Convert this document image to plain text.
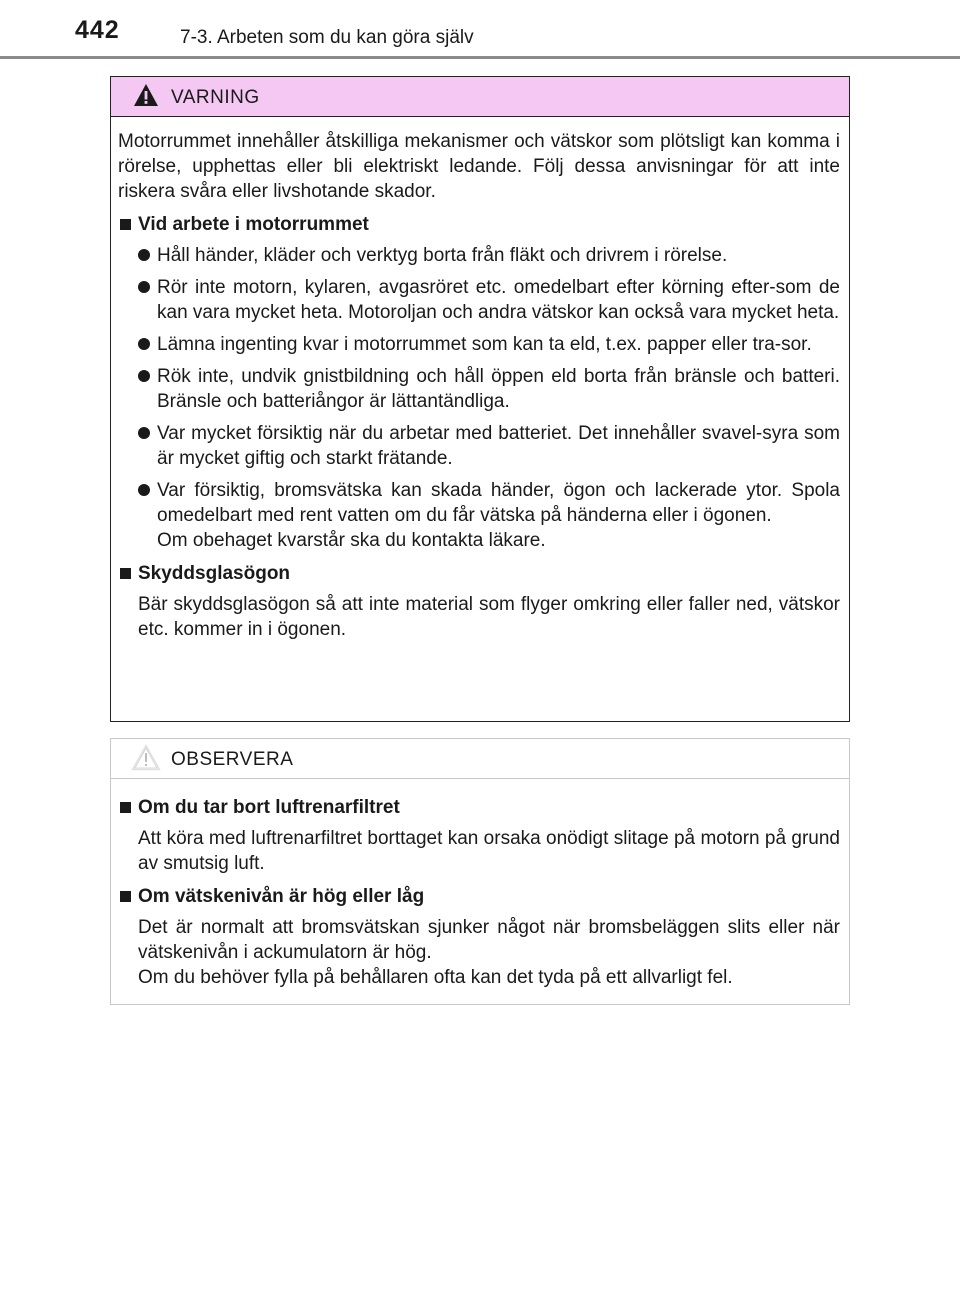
442	7-3. Arbeten som du kan göra själv
VARNING

Motorrummet innehåller åtskilliga mekanismer och vätskor som plötsligt kan komma i rörelse, upphettas eller bli elektriskt ledande. Följ dessa anvisningar för att inte riskera svåra eller livshotande skador.

Vid arbete i motorrummet
Håll händer, kläder och verktyg borta från fläkt och drivrem i rörelse.
Rör inte motorn, kylaren, avgasröret etc. omedelbart efter körning efter-som de kan vara mycket heta. Motoroljan och andra vätskor kan också vara mycket heta.
Lämna ingenting kvar i motorrummet som kan ta eld, t.ex. papper eller tra-sor.
Rök inte, undvik gnistbildning och håll öppen eld borta från bränsle och batteri. Bränsle och batteriångor är lättantändliga.
Var mycket försiktig när du arbetar med batteriet. Det innehåller svavel-syra som är mycket giftig och starkt frätande.
Var försiktig, bromsvätska kan skada händer, ögon och lackerade ytor. Spola omedelbart med rent vatten om du får vätska på händerna eller i ögonen.
Om obehaget kvarstår ska du kontakta läkare.
Skyddsglasögon

Bär skyddsglasögon så att inte material som flyger omkring eller faller ned, vätskor etc. kommer in i ögonen.

OBSERVERA
Om du tar bort luftrenarfiltret

Att köra med luftrenarfiltret borttaget kan orsaka onödigt slitage på motorn på grund av smutsig luft.

Om vätskenivån är hög eller låg

Det är normalt att bromsvätskan sjunker något när bromsbeläggen slits eller när vätskenivån i ackumulatorn är hög.
Om du behöver fylla på behållaren ofta kan det tyda på ett allvarligt fel.
